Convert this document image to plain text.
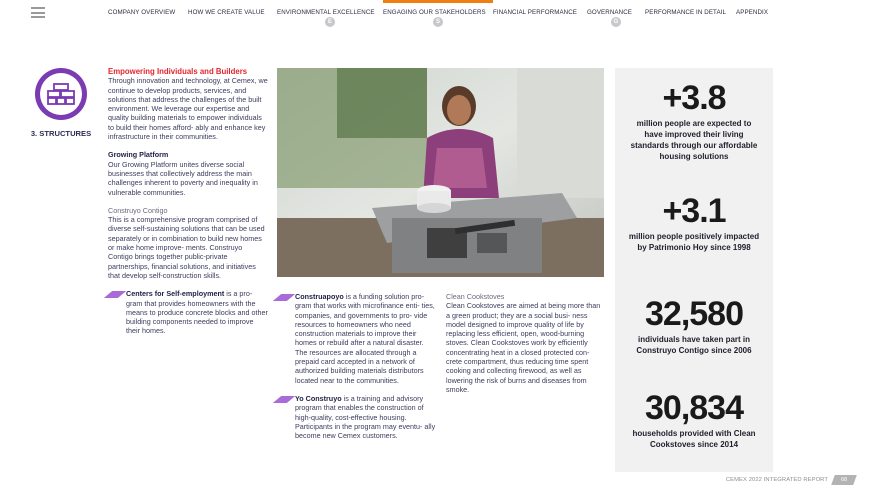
COMPANY OVERVIEW	HOW WE CREATE VALUE	ENVIRONMENTAL EXCELLENCE
E
ENGAGING OUR STAKEHOLDERS
S
FINANCIAL PERFORMANCE	GOVERNANCE
G
PERFORMANCE IN DETAIL	APPENDIX
3. STRUCTURES
Empowering Individuals and Builders
Through innovation and technology, at Cemex, we continue to develop products, services, and solutions that address the challenges of the built environment. We leverage our expertise and quality building materials to empower individuals to build their homes afford- ably and enhance key infrastructure in their communities.
Growing Platform
Our Growing Platform unites diverse social businesses that collectively address the main challenges inherent to poverty and inequality in vulnerable communities.
Construyo Contigo
This is a comprehensive program comprised of diverse self-sustaining solutions that can be used separately or in combination to build new homes or make home improve- ments. Construyo Contigo brings together public-private partnerships, financial solutions, and initiatives that develop self-construction skills.
Centers for Self-employment is a pro- gram that provides homeowners with the means to produce concrete blocks and other building components needed to improve their homes.
Construapoyo is a funding solution pro- gram that works with microfinance enti- ties, companies, and governments to pro- vide resources to homeowners who need construction materials to improve their homes or rebuild after a natural disaster. The resources are allocated through a prepaid card accepted in a network of authorized building materials distributors located near to the communities.
Yo Construyo is a training and advisory program that enables the construction of high-quality, cost-effective housing. Participants in the program may eventu- ally become new Cemex customers.
Clean Cookstoves
Clean Cookstoves are aimed at being more than a green product; they are a social busi- ness model designed to improve quality of life by replacing less efficient, open, wood-burning stoves. Clean Cookstoves work by efficiently concentrating heat in a closed protected con- crete compartment, thus reducing time spent cooking and collecting firewood, as well as lowering the risk of burns and diseases from smoke.
+3.8
million people are expected to have improved their living standards through our affordable housing solutions
+3.1
million people positively impacted by Patrimonio Hoy since 1998
32,580
individuals have taken part in Construyo Contigo since 2006
30,834
households provided with Clean Cookstoves since 2014
CEMEX 2022 INTEGRATED REPORT	68
